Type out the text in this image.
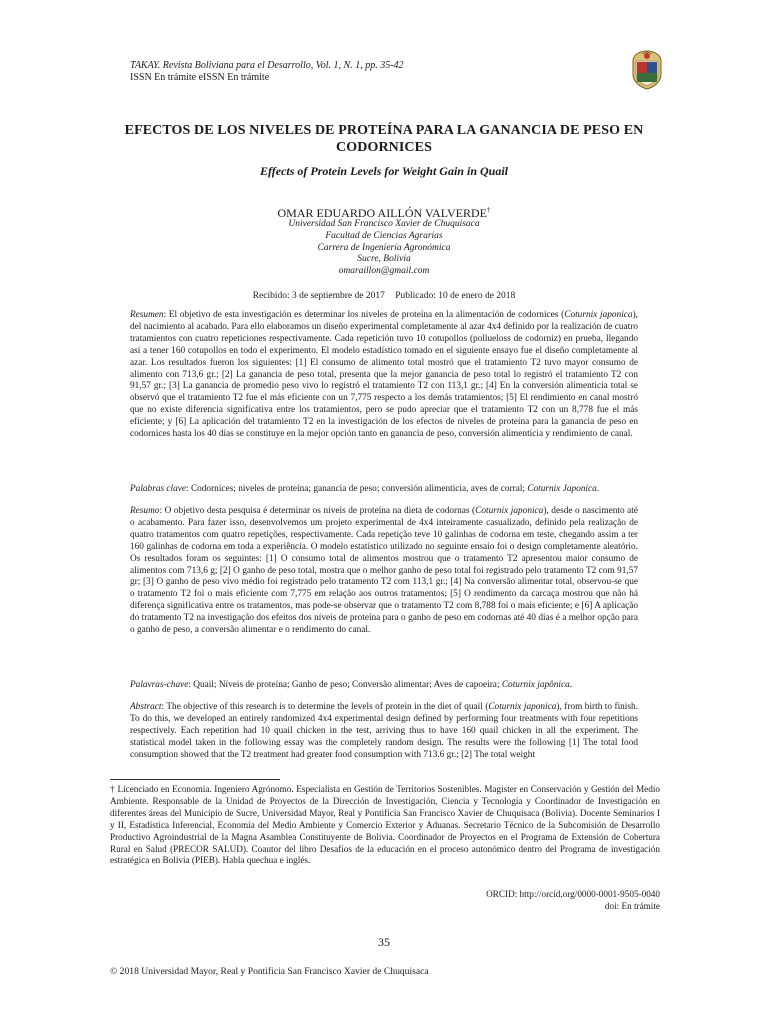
TAKAY. Revista Boliviana para el Desarrollo, Vol. 1, N. 1, pp. 35-42
ISSN En trámite eISSN En trámite
EFECTOS DE LOS NIVELES DE PROTEÍNA PARA LA GANANCIA DE PESO EN CODORNICES
Effects of Protein Levels for Weight Gain in Quail
OMAR EDUARDO AILLÓN VALVERDE†
Universidad San Francisco Xavier de Chuquisaca
Facultad de Ciencias Agrarias
Carrera de Ingeniería Agronómica
Sucre, Bolivia
omaraillon@gmail.com
Recibido: 3 de septiembre de 2017 Publicado: 10 de enero de 2018
Resumen: El objetivo de esta investigación es determinar los niveles de proteína en la alimentación de codornices (Coturnix japonica), del nacimiento al acabado. Para ello elaboramos un diseño experimental completamente al azar 4x4 definido por la realización de cuatro tratamientos con cuatro repeticiones respectivamente. Cada repetición tuvo 10 cotupollos (pollueloss de codorniz) en prueba, llegando así a tener 160 cotupollos en todo el experimento. El modelo estadístico tomado en el siguiente ensayo fue el diseño completamente al azar. Los resultados fueron los siguientes: [1] El consumo de alimento total mostró que el tratamiento T2 tuvo mayor consumo de alimento con 713,6 gr.; [2] La ganancia de peso total, presenta que la mejor ganancia de peso total lo registró el tratamiento T2 con 91,57 gr.; [3] La ganancia de promedio peso vivo lo registró el tratamiento T2 con 113,1 gr.; [4] En la conversión alimenticia total se observó que el tratamiento T2 fue el más eficiente con un 7,775 respecto a los demás tratamientos; [5] El rendimiento en canal mostró que no existe diferencia significativa entre los tratamientos, pero se pudo apreciar que el tratamiento T2 con un 8,778 fue el más eficiente; y [6] La aplicación del tratamiento T2 en la investigación de los efectos de niveles de proteína para la ganancia de peso en codornices hasta los 40 días se constituye en la mejor opción tanto en ganancia de peso, conversión alimenticia y rendimiento de canal.
Palabras clave: Codornices; niveles de proteína; ganancia de peso; conversión alimenticia, aves de corral; Coturnix Japonica.
Resumo: O objetivo desta pesquisa é determinar os níveis de proteína na dieta de codornas (Coturnix japonica), desde o nascimento até o acabamento. Para fazer isso, desenvolvemos um projeto experimental de 4x4 inteiramente casualizado, definido pela realização de quatro tratamentos com quatro repetições, respectivamente. Cada repetição teve 10 galinhas de codorna em teste, chegando assim a ter 160 galinhas de codorna em toda a experiência. O modelo estatístico utilizado no seguinte ensaio foi o design completamente aleatório. Os resultados foram os seguintes: [1] O consumo total de alimentos mostrou que o tratamento T2 apresentou maior consumo de alimentos com 713,6 g; [2] O ganho de peso total, mostra que o melhor ganho de peso total foi registrado pelo tratamento T2 com 91,57 gr; [3] O ganho de peso vivo médio foi registrado pelo tratamento T2 com 113,1 gr.; [4] Na conversão alimentar total, observou-se que o tratamento T2 foi o mais eficiente com 7,775 em relação aos outros tratamentos; [5] O rendimento da carcaça mostrou que não há diferença significativa entre os tratamentos, mas pode-se observar que o tratamento T2 com 8,788 foi o mais eficiente; e [6] A aplicação do tratamento T2 na investigação dos efeitos dos níveis de proteína para o ganho de peso em codornas até 40 dias é a melhor opção para o ganho de peso, a conversão alimentar e o rendimento do canal.
Palavras-chave: Quail; Níveis de proteína; Ganho de peso; Conversão alimentar; Aves de capoeira; Coturnix japônica.
Abstract: The objective of this research is to determine the levels of protein in the diet of quail (Coturnix japonica), from birth to finish. To do this, we developed an entirely randomized 4x4 experimental design defined by performing four treatments with four repetitions respectively. Each repetition had 10 quail chicken in the test, arriving thus to have 160 quail chicken in all the experiment. The statistical model taken in the following essay was the completely random design. The results were the following [1] The total food consumption showed that the T2 treatment had greater food consumption with 713.6 gr.; [2] The total weight
† Licenciado en Economía. Ingeniero Agrónomo. Especialista en Gestión de Territorios Sostenibles. Magister en Conservación y Gestión del Medio Ambiente. Responsable de la Unidad de Proyectos de la Dirección de Investigación, Ciencia y Tecnología y Coordinador de Investigación en diferentes áreas del Municipio de Sucre, Universidad Mayor, Real y Pontificia San Francisco Xavier de Chuquisaca (Bolivia). Docente Seminarios I y II, Estadística Inferencial, Economía del Medio Ambiente y Comercio Exterior y Aduanas. Secretario Técnico de la Subcomisión de Desarrollo Productivo Agroindustrial de la Magna Asamblea Constituyente de Bolivia. Coordinador de Proyectos en el Programa de Extensión de Cobertura Rural en Salud (PRECOR SALUD). Coautor del libro Desafíos de la educación en el proceso autonómico dentro del Programa de investigación estratégica en Bolivia (PIEB). Habla quechua e inglés.
ORCID: http://orcid.org/0000-0001-9505-0040
doi: En trámite
35
© 2018 Universidad Mayor, Real y Pontificia San Francisco Xavier de Chuquisaca
